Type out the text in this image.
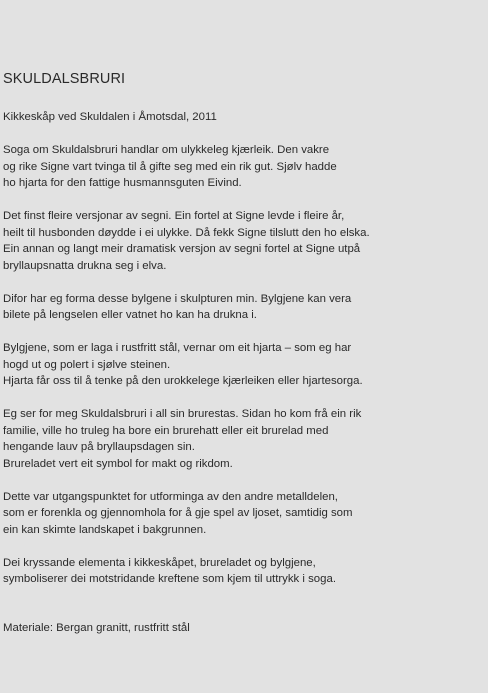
SKULDALSBRURI
Kikkeskåp ved Skuldalen i Åmotsdal, 2011
Soga om Skuldalsbruri handlar om ulykkeleg kjærleik. Den vakre
og rike Signe vart tvinga til å gifte seg med ein rik gut. Sjølv hadde
ho hjarta for den fattige husmannsguten Eivind.
Det finst fleire versjonar av segni. Ein fortel at Signe levde i fleire år,
heilt til husbonden døydde i ei ulykke. Då fekk Signe tilslutt den ho elska.
Ein annan og langt meir dramatisk versjon av segni fortel at Signe utpå
bryllaupsnatta drukna seg i elva.
Difor har eg forma desse bylgene i skulpturen min. Bylgjene kan vera
bilete på lengselen eller vatnet ho kan ha drukna i.
Bylgjene, som er laga i rustfritt stål, vernar om eit hjarta – som eg har
hogd ut og polert i sjølve steinen.
Hjarta får oss til å tenke på den urokkelege kjærleiken eller hjartesorga.
Eg ser for meg Skuldalsbruri i all sin brurestas. Sidan ho kom frå ein rik
familie, ville ho truleg ha bore ein brurehatt eller eit brurelad med
hengande lauv på bryllaupsdagen sin.
Brureladet vert eit symbol for makt og rikdom.
Dette var utgangspunktet for utforminga av den andre metalldelen,
som er forenkla og gjennomhola for å gje spel av ljoset, samtidig som
ein kan skimte landskapet i bakgrunnen.
Dei kryssande elementa i kikkeskåpet, brureladet og bylgjene,
symboliserer dei motstridande kreftene som kjem til uttrykk i soga.
Materiale: Bergan granitt, rustfritt stål
